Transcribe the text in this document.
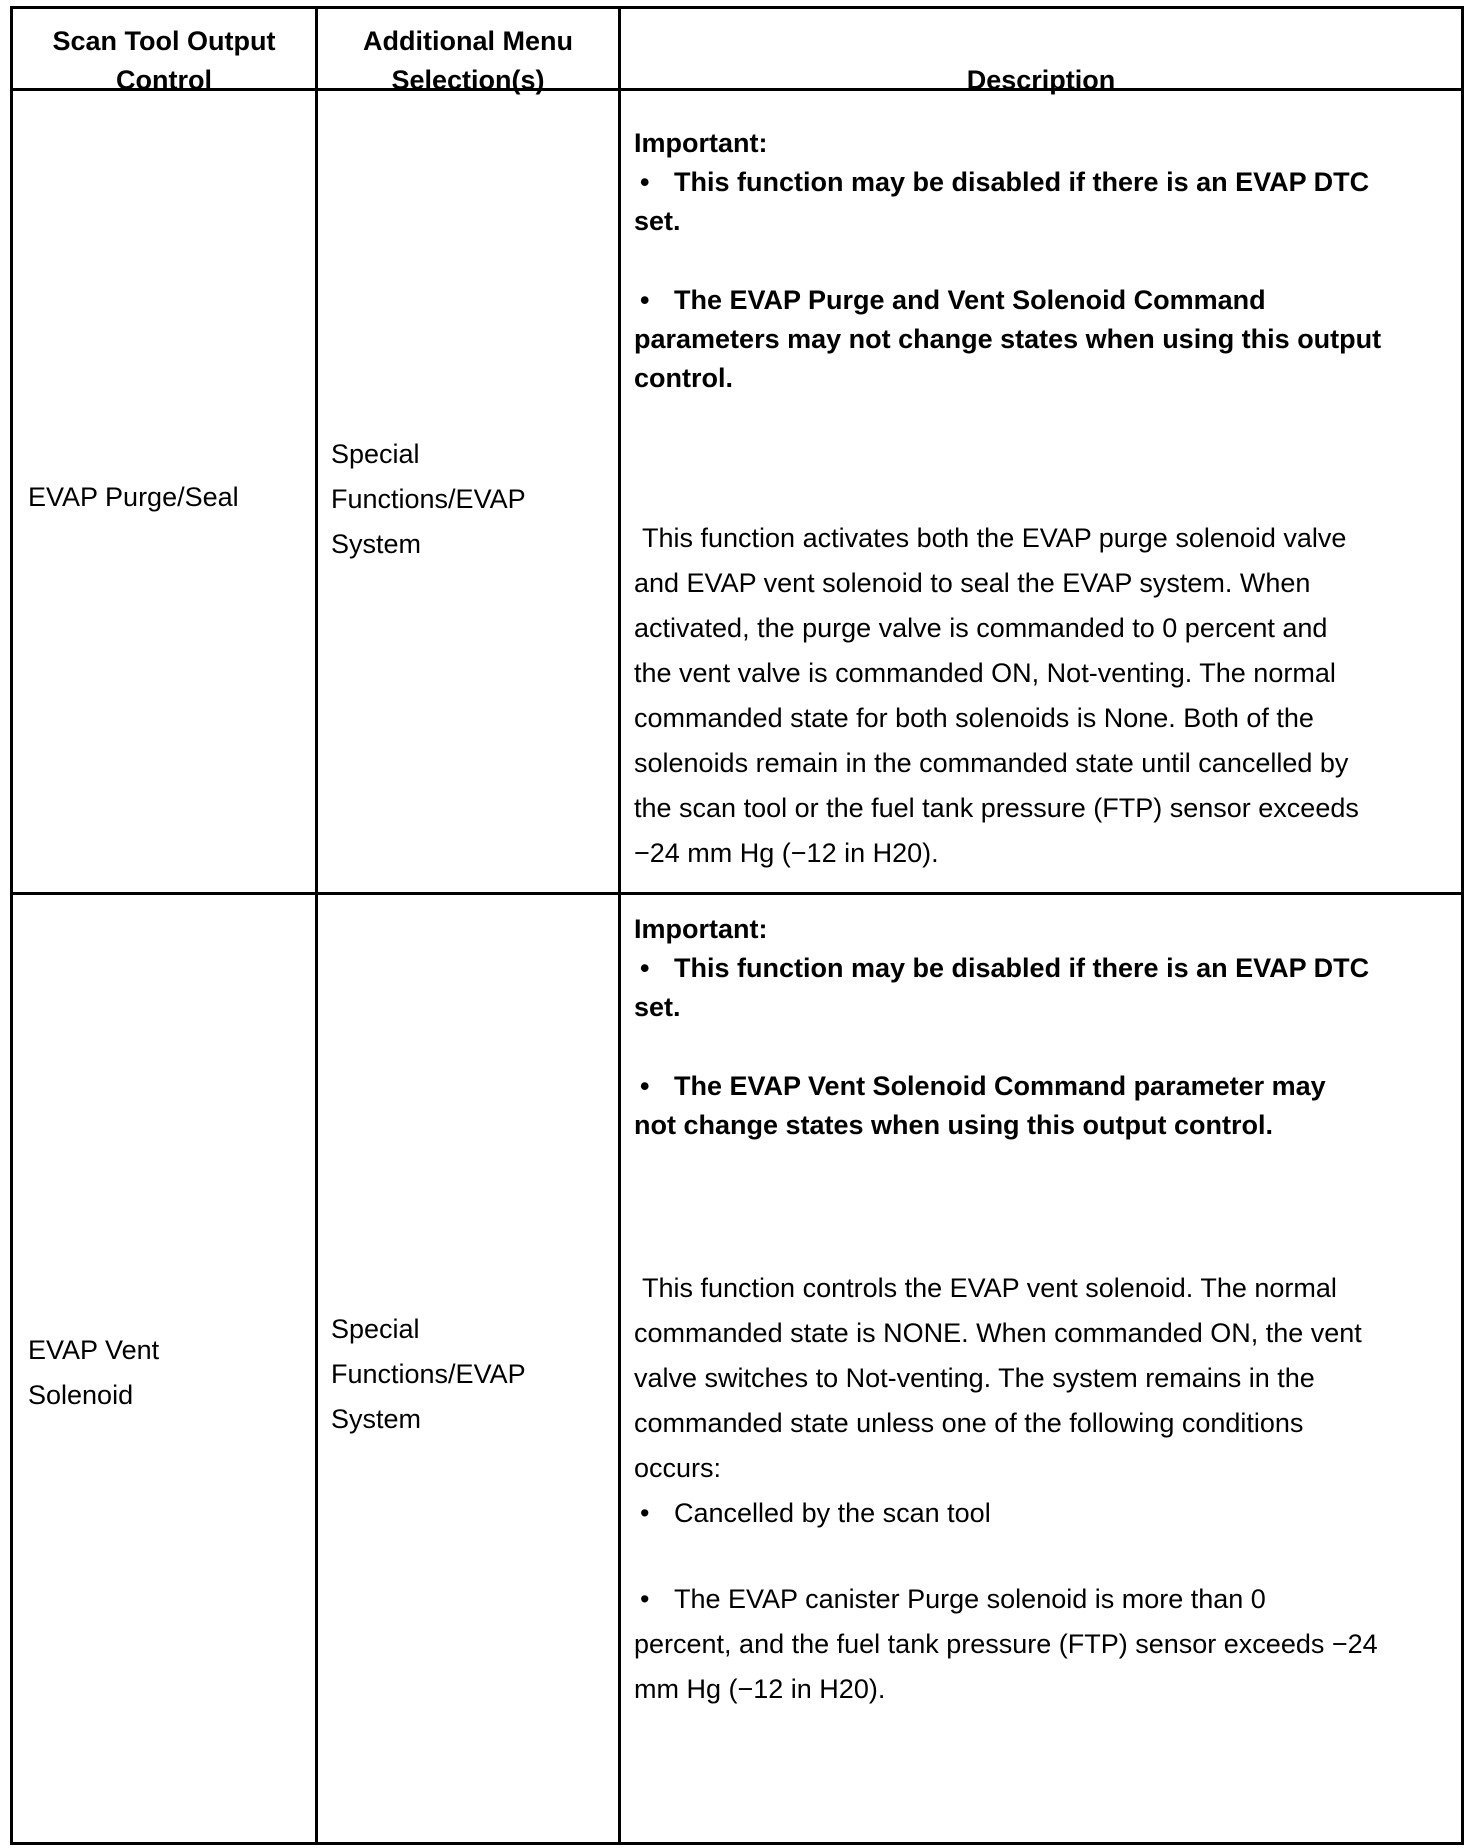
Scan Tool Output
Control
Additional Menu
Selection(s)	Description
EVAP Purge/Seal
Special
Functions/EVAP
System

Important:

• This function may be disabled if there is an EVAP DTC

set.

• The EVAP Purge and Vent Solenoid Command

parameters may not change states when using this output

control.

This function activates both the EVAP purge solenoid valve

and EVAP vent solenoid to seal the EVAP system. When

activated, the purge valve is commanded to 0 percent and

the vent valve is commanded ON, Not-venting. The normal

commanded state for both solenoids is None. Both of the

solenoids remain in the commanded state until cancelled by

the scan tool or the fuel tank pressure (FTP) sensor exceeds

−24 mm Hg (−12 in H20).

EVAP Vent
Solenoid
Special
Functions/EVAP
System

Important:

• This function may be disabled if there is an EVAP DTC

set.

• The EVAP Vent Solenoid Command parameter may

not change states when using this output control.

This function controls the EVAP vent solenoid. The normal

commanded state is NONE. When commanded ON, the vent

valve switches to Not-venting. The system remains in the

commanded state unless one of the following conditions

occurs:

• Cancelled by the scan tool

• The EVAP canister Purge solenoid is more than 0

percent, and the fuel tank pressure (FTP) sensor exceeds −24

mm Hg (−12 in H20).
